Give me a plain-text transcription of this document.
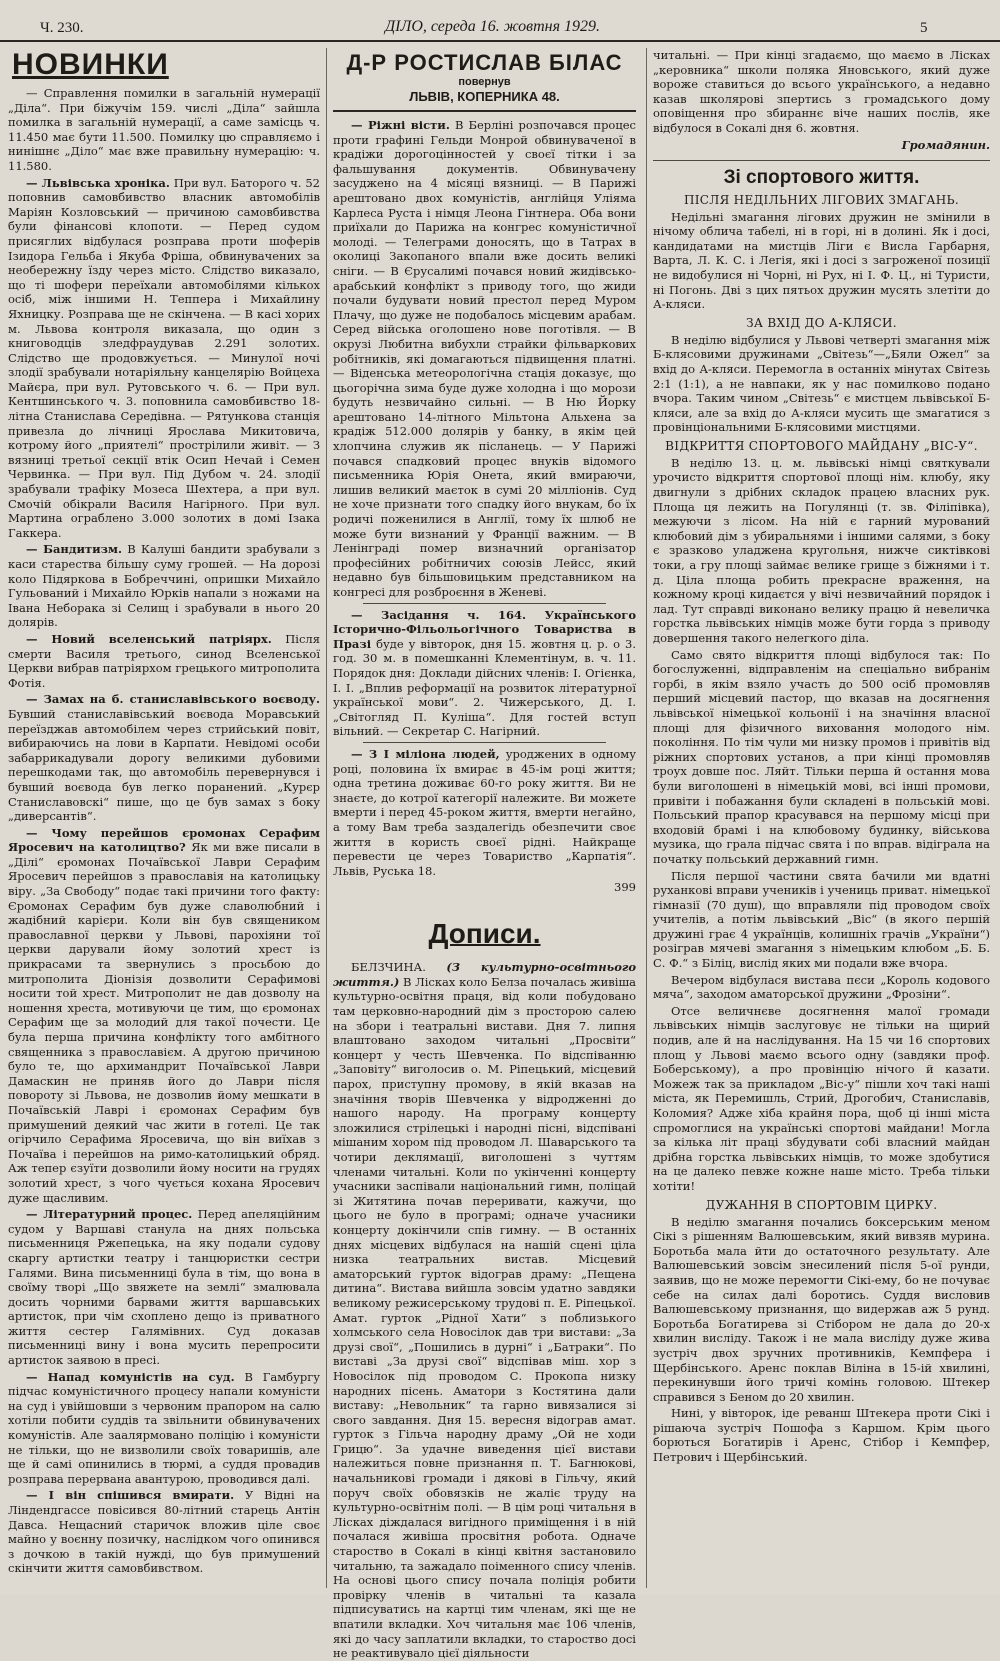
Ч. 230.	ДІЛО, середа 16. жовтня 1929.	5
НОВИНКИ

— Справлення помилки в загальній нумерації „Діла“. При біжучім 159. числі „Діла“ зайшла помилка в загальній нумерації, а саме замісць ч. 11.450 має бути 11.500. Помилку цю справляємо і нинішнє „Діло“ має вже правильну нумерацію: ч. 11.580.

— Львівська хроніка. При вул. Баторого ч. 52 поповнив самовбивство власник автомобілів Маріян Козловський — причиною самовбивства були фінансові клопоти. — Перед судом присяглих відбулася розправа проти шоферів Ізидора Гельба і Якуба Фріша, обвинувачених за необережну їзду через місто. Слідство виказало, що ті шофери переїхали автомобілями кількох осіб, між іншими Н. Теппера і Михайлину Яхницку. Розправа ще не скінчена. — В касі хорих м. Львова контроля виказала, що один з книговодців зледфраудував 2.291 золотих. Слідство ще продовжується. — Минулої ночі злодії зрабували нотаріяльну канцелярію Войцеха Майєра, при вул. Рутовського ч. 6. — При вул. Кентшинського ч. 3. поповнила самовбивство 18-літна Станислава Середівна. — Рятункова станція привезла до лічниці Ярослава Микитовича, котрому його „приятелі“ прострілили живіт. — З вязниці третьої секції втік Осип Нечай і Семен Червинка. — При вул. Під Дубом ч. 24. злодії зрабували трафіку Мозеса Шехтера, а при вул. Смочій обікрали Василя Нагірного. При вул. Мартина ограблено 3.000 золотих в домі Ізака Гаккера.

— Бандитизм. В Калуші бандити зрабували з каси старества більшу суму грошей. — На дорозі коло Підяркова в Бобреччині, опришки Михайло Гульований і Михайло Юрків напали з ножами на Івана Неборака зі Селищ і зрабували в нього 20 долярів.

— Новий вселенський патріярх. Після смерти Василя третього, синод Вселенської Церкви вибрав патріярхом грецького митрополита Фотія.

— Замах на б. станиславівського воєводу. Бувший станиславівський воєвода Моравський переїзджав автомобілем через стрийський повіт, вибираючись на лови в Карпати. Невідомі особи забаррикадували дорогу великими дубовими перешкодами так, що автомобіль перевернувся і бувший воєвода був легко поранений. „Курєр Станиславовскі“ пише, що це був замах з боку „диверсантів“.

— Чому перейшов єромонах Серафим Яросевич на католицтво? Як ми вже писали в „Ділі“ єромонах Почаївської Лаври Серафим Яросевич перейшов з православія на католицьку віру. „За Свободу“ подає такі причини того факту: Єромонах Серафим був дуже славолюбний і жадібний карієри. Коли він був священиком православної церкви у Львові, парохіяни тої церкви дарували йому золотий хрест із прикрасами та звернулись з просьбою до митрополита Діонізія дозволити Серафимові носити той хрест. Митрополит не дав дозволу на ношення хреста, мотивуючи це тим, що єромонах Серафим ще за молодий для такої почести. Це була перша причина конфлікту того амбітного священника з православієм. А другою причиною було те, що архимандрит Почаївської Лаври Дамаскин не приняв його до Лаври після повороту зі Львова, не дозволив йому мешкати в Почаївській Лаврі і єромонах Серафим був примушений деякий час жити в готелі. Це так огірчило Серафима Яросевича, що він виїхав з Почаїва і перейшов на римо-католицький обряд. Аж тепер єзуїти дозволили йому носити на грудях золотий хрест, з чого чується кохана Яросевич дуже щасливим.

— Літературний процес. Перед апеляційним судом у Варшаві станула на днях польська письменниця Ржепецька, на яку подали судову скаргу артистки театру і танцюристки сестри Галями. Вина письменниці була в тім, що вона в своїму творі „Що звяжете на землі“ змалювала досить чорними барвами життя варшавських артисток, при чім схоплено дещо із приватного життя сестер Галямівних. Суд доказав письменниці вину і вона мусить перепросити артисток заявою в пресі.

— Напад комуністів на суд. В Гамбургу підчас комуністичного процесу напали комуністи на суд і увійшовши з червоним прапором на салю хотіли побити суддів та звільнити обвинувачених комуністів. Але заалярмовано поліцію і комуністи не тільки, що не визволили своїх товаришів, але ще й самі опинились в тюрмі, а суддя провадив розправа перервана авантурою, проводився далі.

— І він спішився вмирати. У Відні на Ліндендгассе повісився 80-літний старець Антін Давса. Нещасний старичок вложив ціле своє майно у воєнну позичку, наслідком чого опинився з дочкою в такій нужді, що був примушений скінчити життя самовбивством.

Д-Р РОСТИСЛАВ БІЛАС
повернув
ЛЬВІВ, КОПЕРНИКА 48.

— Ріжні вісти. В Берліні розпочався процес проти графині Гельди Монрой обвинуваченої в крадіжи дорогоцінностей у своєї тітки і за фальшування документів. Обвинувачену засуджено на 4 місяці вязниці. — В Парижі арештовано двох комуністів, англійця Уліяма Карлеса Руста і німця Леона Гінтнера. Оба вони приїхали до Парижа на конгрес комуністичної молоді. — Телеграми доносять, що в Татрах в околиці Закопаного впали вже досить великі сніги. — В Єрусалимі почався новий жидівсько-арабський конфлікт з приводу того, що жиди почали будувати новий престол перед Муром Плачу, що дуже не подобалось місцевим арабам. Серед війська оголошено нове поготівля. — В окрузі Любитна вибухли страйки фільваркових робітників, які домагаються підвищення платні. — Віденська метеорологічна стація доказує, що цьогорічна зима буде дуже холодна і що морози будуть незвичайно сильні. — В Ню Йорку арештовано 14-літного Мільтона Альхена за крадіж 512.000 долярів у банку, в якім цей хлопчина служив як післанець. — У Парижі почався спадковий процес внуків відомого письменника Юрія Онета, який вмираючи, лишив великий маєток в сумі 20 мілліонів. Суд не хоче признати того спадку його внукам, бо їх родичі поженилися в Англії, тому їх шлюб не може бути визнаний у Франції важним. — В Ленінграді помер визначний організатор професійних робітничих союзів Лейсс, який недавно був більшовицьким представником на конгресі для розброєння в Женеві.

— Засідання ч. 164. Українського Історично-Фільольогічного Товариства в Празі буде у вівторок, дня 15. жовтня ц. р. о 3. год. 30 м. в помешканні Клементінум, в. ч. 11. Порядок дня: Доклади дійсних членів: І. Огієнка, І. І. „Вплив реформації на розвиток літературної української мови“. 2. Чижерського, Д. І. „Світогляд П. Куліша“. Для гостей вступ вільний. — Секретар С. Нагірний.

— З І міліона людей, уроджених в одному році, половина їх вмирає в 45-ім році життя; однa третина доживає 60-го року життя. Ви не знаєте, до котрої категорії належите. Ви можете вмерти і перед 45-роком життя, вмерти негайно, а тому Вам треба заздалегідь обезпечити своє життя в користь своєї рідні. Найкраще перевести це через Товариство „Карпатія“. Львів, Руська 18.

399
Дописи.

БЕЛЗЧИНА. (З культурно-освітнього життя.) В Лісках коло Белза почалась живіша культурно-освітня праця, від коли побудовано там церковно-народний дім з просторою салею на збори і театральні вистави. Дня 7. липня влаштовано заходом читальні „Просвіти“ концерт у честь Шевченка. По відспіванню „Заповіту“ виголосив о. М. Ріпецький, місцевий парох, приступну промову, в якій вказав на значіння творів Шевченка у відродженні до нашого народу. На програму концерту зложилися стрілецькі і народні пісні, відспівані мішаним хором під проводом Л. Шаварського та чотири деклямації, виголошені з чуттям членами читальні. Коли по укінченні концерту учасники заспівали національний гимн, поліцай зі Житятина почав переривати, кажучи, що цього не було в програмі; одначе учасники концерту докінчили спів гимну. — В останніх днях місцевих відбулася на нашій сцені ціла низка театральних вистав. Місцевий аматорський гурток відограв драму: „Пещена дитина“. Вистава вийшла зовсім удатно завдяки великому режисерському трудові п. Е. Ріпецької. Амат. гурток „Рідної Хати“ з поблизького холмського села Новосілок дав три вистави: „За друзі свої“, „Пошились в дурні“ і „Батраки“. По виставі „За друзі свої“ відспівав міш. хор з Новосілок під проводом С. Прокопа низку народних пісень. Аматори з Костятина дали виставу: „Невольник“ та гарно вивязалися зі свого завдання. Дня 15. вересня відограв амат. гурток з Гільча народну драму „Ой не ходи Грицю“. За удачне виведення цієї вистави належиться повне признання п. Т. Багнюкові, начальникові громади і дякові в Гільчу, який поруч своїх обовязків не жаліє труду на культурно-освітнім полі. — В цім році читальня в Лісках діждалася вигідного приміщення і в ній почалася живіша просвітня робота. Одначе староство в Сокалі в кінці квітня застановило читальню, та зажадало поіменного спису членів. На основі цього спису почала поліція робити провірку членів в читальні та казала підписуватись на картці тим членам, які ще не впатили вкладки. Хоч читальня має 106 членів, які до часу заплатили вкладки, то староство досі не реактивувало цієї діяльности

читальні. — При кінці згадаємо, що маємо в Лісках „керовника“ школи поляка Яновського, який дуже вороже ставиться до всього українського, а недавно казав школярові зпертись з громадського дому оповіщення про збираннє віче наших послів, яке відбулося в Сокалі дня 6. жовтня.

Громадянин.
Зі спортового життя.
ПІСЛЯ НЕДІЛЬНИХ ЛІГОВИХ ЗМАГАНЬ.

Недільні змагання лігових дружин не змінили в нічому облича табелі, ні в горі, ні в долині. Як і досі, кандидатами на мистців Ліги є Висла Гарбарня, Варта, Л. К. С. і Легія, які і досі з загроженої позиції не видобулися ні Чорні, ні Рух, ні І. Ф. Ц., ні Туристи, ні Погонь. Дві з цих пятьох дружин мусять злетіти до А-кляси.

ЗА ВХІД ДО А-КЛЯСИ.

В неділю відбулися у Львові четверті змагання між Б-клясовими дружинами „Світезь“—„Бяли Ожел“ за вхід до А-кляси. Перемогла в останніх мінутах Світезь 2:1 (1:1), а не навпаки, як у нас помилково подано вчора. Таким чином „Світезь“ є мистцем львівської Б-кляси, але за вхід до А-кляси мусить ще змагатися з провінціональними Б-клясовими мистцями.

ВІДКРИТТЯ СПОРТОВОГО МАЙДАНУ „ВІС-У“.

В неділю 13. ц. м. львівські німці святкували урочисто відкриття спортової площі нім. клюбу, яку двигнули з дрібних складок працею власних рук. Площа ця лежить на Погулянці (т. зв. Філіпівка), межуючи з лісом. На ній є гарний мурований клюбовий дім з убиральнями і іншими салями, з боку є зразково уладжена кругольня, нижче сиктівкові токи, а гру площі займає велике грище з біжнями і т. д. Ціла площа робить прекрасне враження, на кожному кроці кидаєтся у вічі незвичайний порядок і лад. Тут справді виконано велику працю й невеличка горстка львівських німців може бути горда з приводу довершення такого нелегкого діла.

Само свято відкриття площі відбулося так: По богослуженні, відправленім на спеціально вибранім горбі, в якім взяло участь до 500 осіб промовляв перший місцевий пастор, що вказав на досягнення львівської німецької кольонії і на значіння власної площі для фізичного виховання молодого нім. покоління. По тім чули ми низку промов і привітів від ріжних спортових установ, а при кінці промовляв троух довше пос. Ляйт. Тільки перша й остання мова були виголошені в німецькій мові, всі інші промови, привіти і побажання були складені в польській мові. Польський прапор красувався на першому місці при входовій брамі і на клюбовому будинку, військова музика, що грала підчас свята і по вправ. відіграла на початку польський державний гимн.

Після першої частини свята бачили ми вдатні руханкові вправи учеників і учениць приват. німецької гімназії (70 душ), що вправляли під проводом своїх учителів, а потім львівський „Віс“ (в якого першій дружині грає 4 українців, колишніх грачів „України“) розіграв мячеві змагання з німецьким клюбом „Б. Б. С. Ф.“ з Біліц, вислід яких ми подали вже вчора.

Вечером відбулася вистава пєси „Король кодового мяча“, заходом аматорської дружини „Фрозіни“.

Отсе величнєве досягнення малої громади львівських німців заслуговує не тільки на щирий подив, але й на наслідування. На 15 чи 16 спортових площ у Львові маємо всього одну (завдяки проф. Боберському), а про провінцію нічого й казати. Можеж так за прикладом „Віс-у“ пішли хоч такі наші міста, як Перемишль, Стрий, Дрогобич, Станиславів, Коломия? Адже хіба крайня пора, щоб ці інші міста спромоглися на українські спортові майдани! Могла за кілька літ праці збудувати собі власний майдан дрібна горстка львівських німців, то може здобутися на це далеко певже кожне наше місто. Треба тільки хотіти!

ДУЖАННЯ В СПОРТОВІМ ЦИРКУ.

В неділю змагання почались боксерським меном Сікі з рішенням Валюшевським, який вивзяв мурина. Боротьба мала йти до остаточного результату. Але Валюшевський зовсім знесилений після 5-ої рунди, заявив, що не може перемогти Сікі-ему, бо не почуває себе на силах далі боротись. Суддя висловив Валюшевському признання, що видержав аж 5 рунд. Боротьба Богатирева зі Стібором не дала до 20-х хвилин вислiду. Також і не мала вислiду дуже жива зустріч двох зручних противників, Кемпфера і Щербінського. Аренс поклав Віліна в 15-ій хвилині, перекинувши його тричі комінь головою. Штекер справився з Беном до 20 хвилин.

Нині, у вівторок, іде реванш Штекера проти Сікі і рішаюча зустріч Пошофа з Каршом. Крім цього борються Богатирів і Аренс, Стібор і Кемпфер, Петрович і Щербінський.
